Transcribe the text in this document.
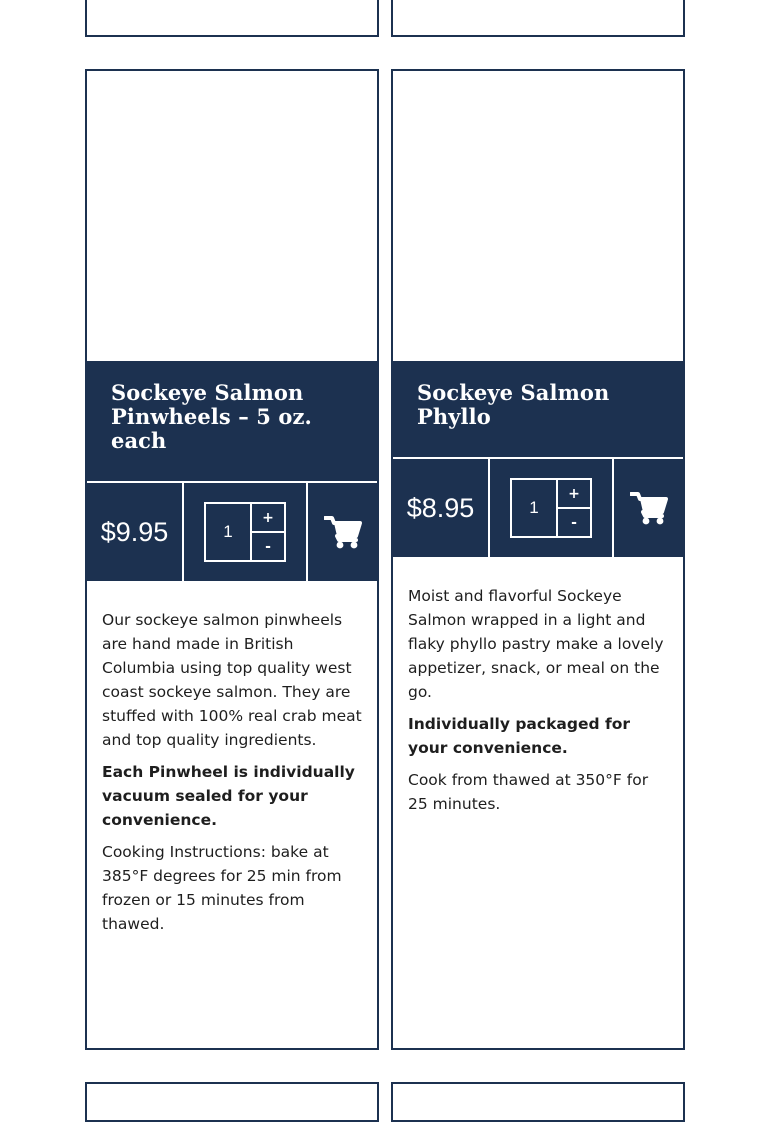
Sockeye Salmon Pinwheels – 5 oz. each
$9.95
1	+
-

Our sockeye salmon pinwheels are hand made in British Columbia using top quality west coast sockeye salmon. They are stuffed with 100% real crab meat and top quality ingredients.

Each Pinwheel is individually vacuum sealed for your convenience.

Cooking Instructions: bake at 385°F degrees for 25 min from frozen or 15 minutes from thawed.

Sockeye Salmon Phyllo
$8.95
1	+
-

Moist and flavorful Sockeye Salmon wrapped in a light and flaky phyllo pastry make a lovely appetizer, snack, or meal on the go.

Individually packaged for your convenience.

Cook from thawed at 350°F for 25 minutes.
